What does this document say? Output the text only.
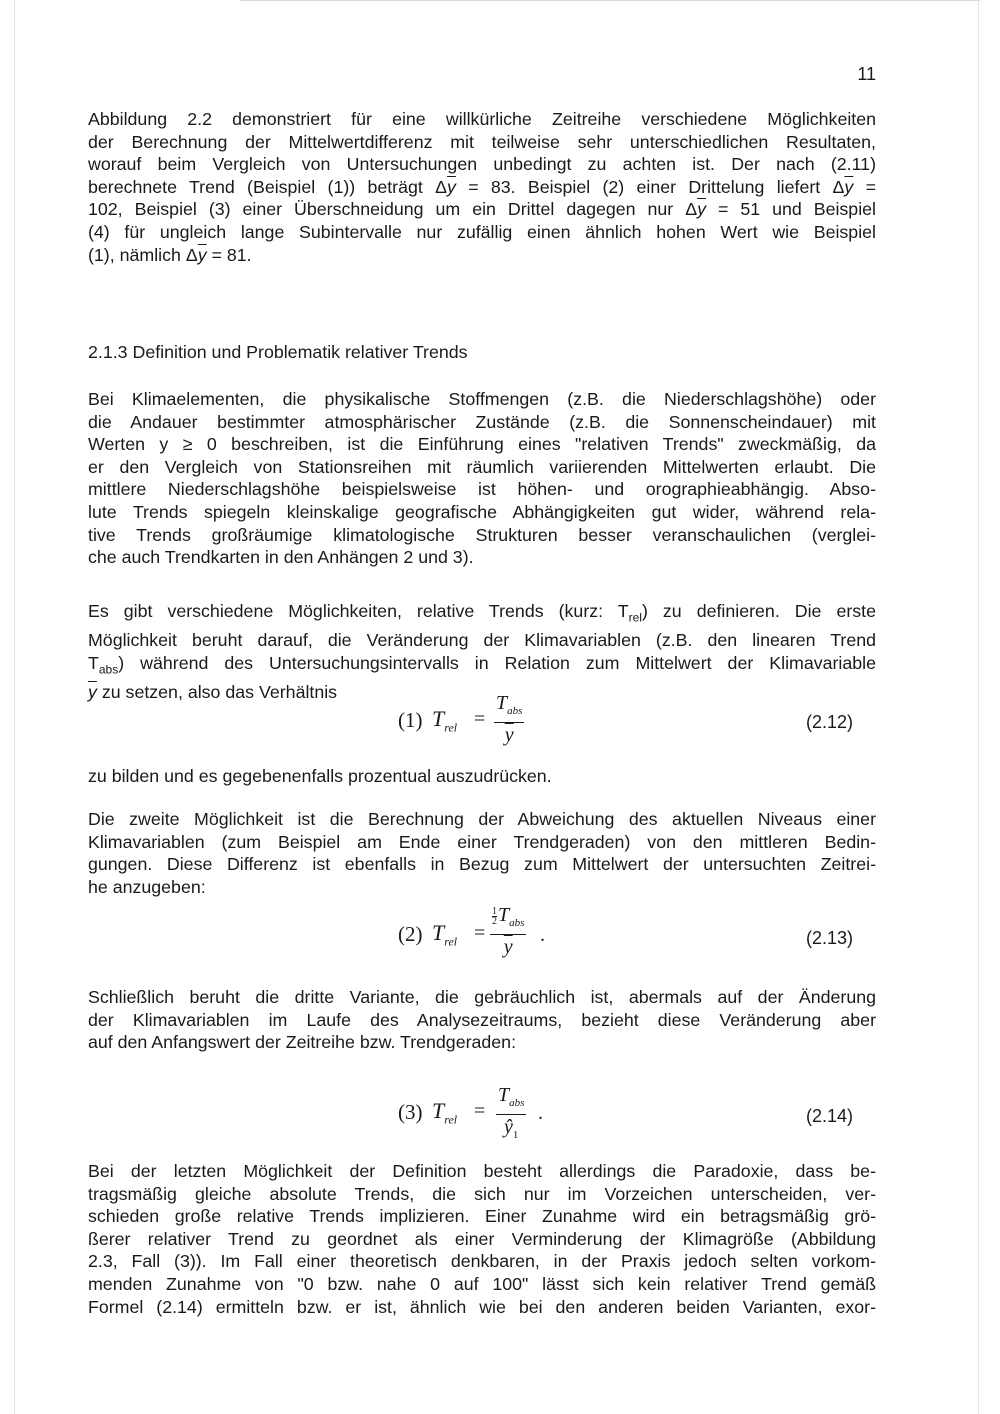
11
Abbildung 2.2 demonstriert für eine willkürliche Zeitreihe verschiedene Möglichkeiten
der Berechnung der Mittelwertdifferenz mit teilweise sehr unterschiedlichen Resultaten,
worauf beim Vergleich von Untersuchungen unbedingt zu achten ist. Der nach (2.11)
berechnete Trend (Beispiel (1)) beträgt $\Delta\overline{y} = 83$. Beispiel (2) einer Drittelung liefert $\Delta\overline{y}$ =
102, Beispiel (3) einer Überschneidung um ein Drittel dagegen nur $\Delta\overline{y} = 51$ und Beispiel
(4) für ungleich lange Subintervalle nur zufällig einen ähnlich hohen Wert wie Beispiel
(1), nämlich $\Delta\overline{y} = 81$.
2.1.3 Definition und Problematik relativer Trends
Bei Klimaelementen, die physikalische Stoffmengen (z.B. die Niederschlagshöhe) oder
die Andauer bestimmter atmosphärischer Zustände (z.B. die Sonnenscheindauer) mit
Werten y ≥ 0 beschreiben, ist die Einführung eines "relativen Trends" zweckmäßig, da
er den Vergleich von Stationsreihen mit räumlich variierenden Mittelwerten erlaubt. Die
mittlere Niederschlagshöhe beispielsweise ist höhen- und orographieabhängig. Abso-
lute Trends spiegeln kleinskalige geografische Abhängigkeiten gut wider, während rela-
tive Trends großräumige klimatologische Strukturen besser veranschaulichen (verglei-
che auch Trendkarten in den Anhängen 2 und 3).
Es gibt verschiedene Möglichkeiten, relative Trends (kurz: $T_{rel}$) zu definieren. Die erste
Möglichkeit beruht darauf, die Veränderung der Klimavariablen (z.B. den linearen Trend
$T_{abs}$) während des Untersuchungsintervalls in Relation zum Mittelwert der Klimavariable
$\overline{y}$ zu setzen, also das Verhältnis
(1) $T_{rel}$ =
$T_{abs}$
$\overline{y}$
(2.12)
zu bilden und es gegebenenfalls prozentual auszudrücken.
Die zweite Möglichkeit ist die Berechnung der Abweichung des aktuellen Niveaus einer
Klimavariablen (zum Beispiel am Ende einer Trendgeraden) von den mittleren Bedin-
gungen. Diese Differenz ist ebenfalls in Bezug zum Mittelwert der untersuchten Zeitrei-
he anzugeben:
(2) $T_{rel}$ =
$\frac{1}{2} T_{abs}$
$\overline{y}$
.	(2.13)
Schließlich beruht die dritte Variante, die gebräuchlich ist, abermals auf der Änderung
der Klimavariablen im Laufe des Analysezeitraums, bezieht diese Veränderung aber
auf den Anfangswert der Zeitreihe bzw. Trendgeraden:
(3) $T_{rel}$ =
$T_{abs}$
$ŷ_1$
.	(2.14)
Bei der letzten Möglichkeit der Definition besteht allerdings die Paradoxie, dass be-
tragsmäßig gleiche absolute Trends, die sich nur im Vorzeichen unterscheiden, ver-
schieden große relative Trends implizieren. Einer Zunahme wird ein betragsmäßig grö-
ßerer relativer Trend zu geordnet als einer Verminderung der Klimagröße (Abbildung
2.3, Fall (3)). Im Fall einer theoretisch denkbaren, in der Praxis jedoch selten vorkom-
menden Zunahme von "0 bzw. nahe 0 auf 100" lässt sich kein relativer Trend gemäß
Formel (2.14) ermitteln bzw. er ist, ähnlich wie bei den anderen beiden Varianten, exor-
